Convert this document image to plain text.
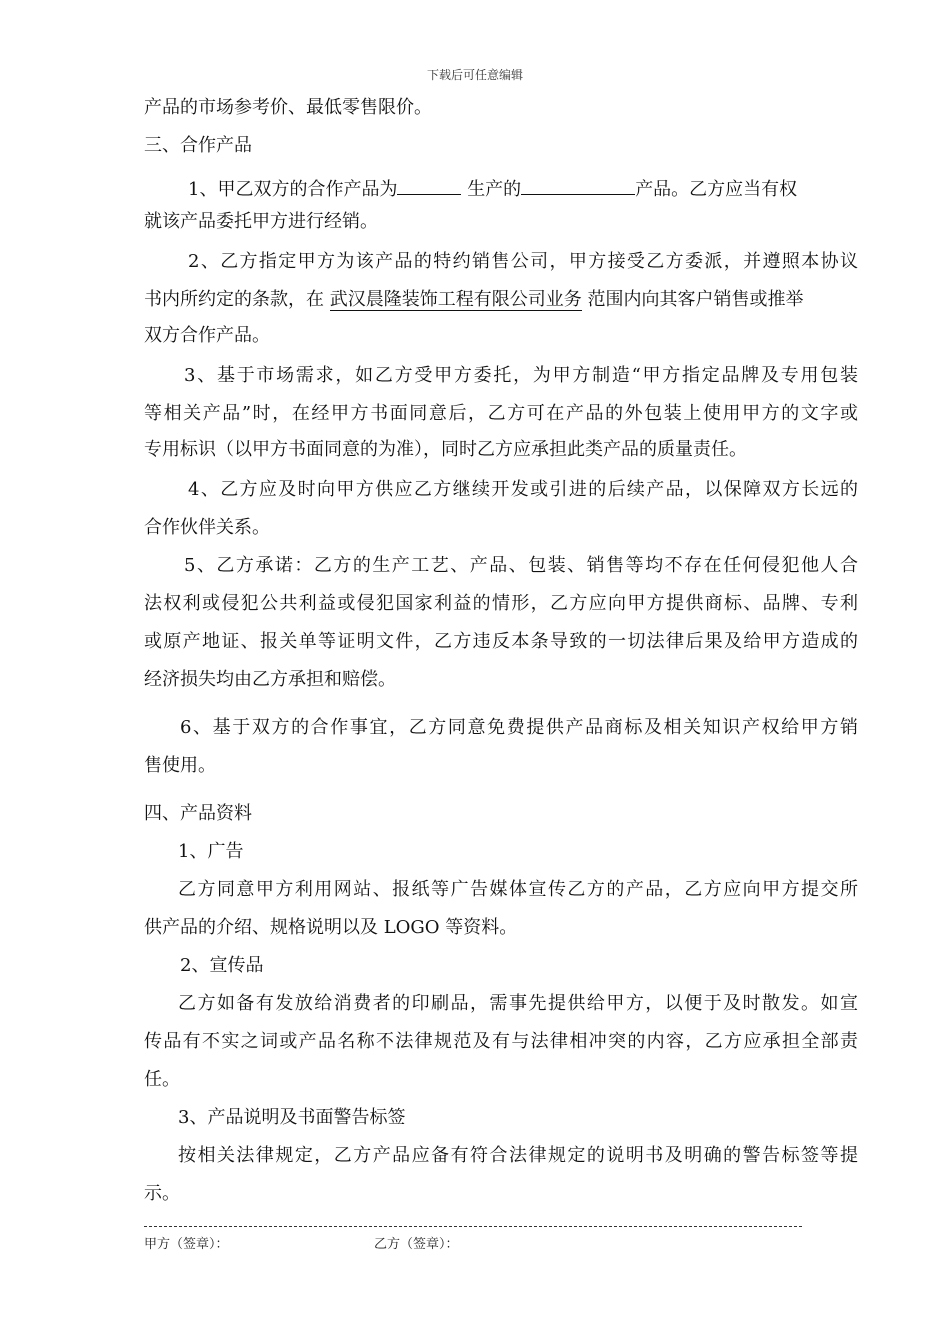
下载后可任意编辑
产品的市场参考价、最低零售限价。
三、合作产品
1、甲乙双方的合作产品为	生产的	产品。乙方应当有权
就该产品委托甲方进行经销。
2、乙方指定甲方为该产品的特约销售公司，甲方接受乙方委派，并遵照本协议
书内所约定的条款，在 武汉晨隆装饰工程有限公司业务 范围内向其客户销售或推举
双方合作产品。
3、基于市场需求，如乙方受甲方委托，为甲方制造“甲方指定品牌及专用包装
等相关产品”时，在经甲方书面同意后，乙方可在产品的外包装上使用甲方的文字或
专用标识（以甲方书面同意的为准），同时乙方应承担此类产品的质量责任。
4、乙方应及时向甲方供应乙方继续开发或引进的后续产品，以保障双方长远的
合作伙伴关系。
5、乙方承诺：乙方的生产工艺、产品、包装、销售等均不存在任何侵犯他人合
法权利或侵犯公共利益或侵犯国家利益的情形，乙方应向甲方提供商标、品牌、专利
或原产地证、报关单等证明文件，乙方违反本条导致的一切法律后果及给甲方造成的
经济损失均由乙方承担和赔偿。
6、基于双方的合作事宜，乙方同意免费提供产品商标及相关知识产权给甲方销
售使用。
四、产品资料
1、广告
乙方同意甲方利用网站、报纸等广告媒体宣传乙方的产品，乙方应向甲方提交所
供产品的介绍、规格说明以及 LOGO 等资料。
2、宣传品
乙方如备有发放给消费者的印刷品，需事先提供给甲方，以便于及时散发。如宣
传品有不实之词或产品名称不法律规范及有与法律相冲突的内容，乙方应承担全部责
任。
3、产品说明及书面警告标签
按相关法律规定，乙方产品应备有符合法律规定的说明书及明确的警告标签等提
示。
甲方（签章）：	乙方（签章）：
